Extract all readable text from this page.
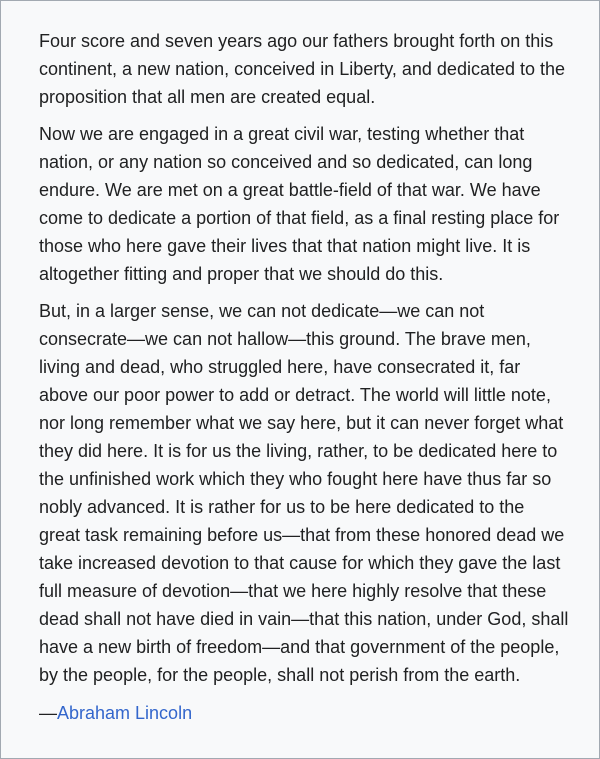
Four score and seven years ago our fathers brought forth on this continent, a new nation, conceived in Liberty, and dedicated to the proposition that all men are created equal.

Now we are engaged in a great civil war, testing whether that nation, or any nation so conceived and so dedicated, can long endure. We are met on a great battle-field of that war. We have come to dedicate a portion of that field, as a final resting place for those who here gave their lives that that nation might live. It is altogether fitting and proper that we should do this.

But, in a larger sense, we can not dedicate—we can not consecrate—we can not hallow—this ground. The brave men, living and dead, who struggled here, have consecrated it, far above our poor power to add or detract. The world will little note, nor long remember what we say here, but it can never forget what they did here. It is for us the living, rather, to be dedicated here to the unfinished work which they who fought here have thus far so nobly advanced. It is rather for us to be here dedicated to the great task remaining before us—that from these honored dead we take increased devotion to that cause for which they gave the last full measure of devotion—that we here highly resolve that these dead shall not have died in vain—that this nation, under God, shall have a new birth of freedom—and that government of the people, by the people, for the people, shall not perish from the earth.

—Abraham Lincoln
